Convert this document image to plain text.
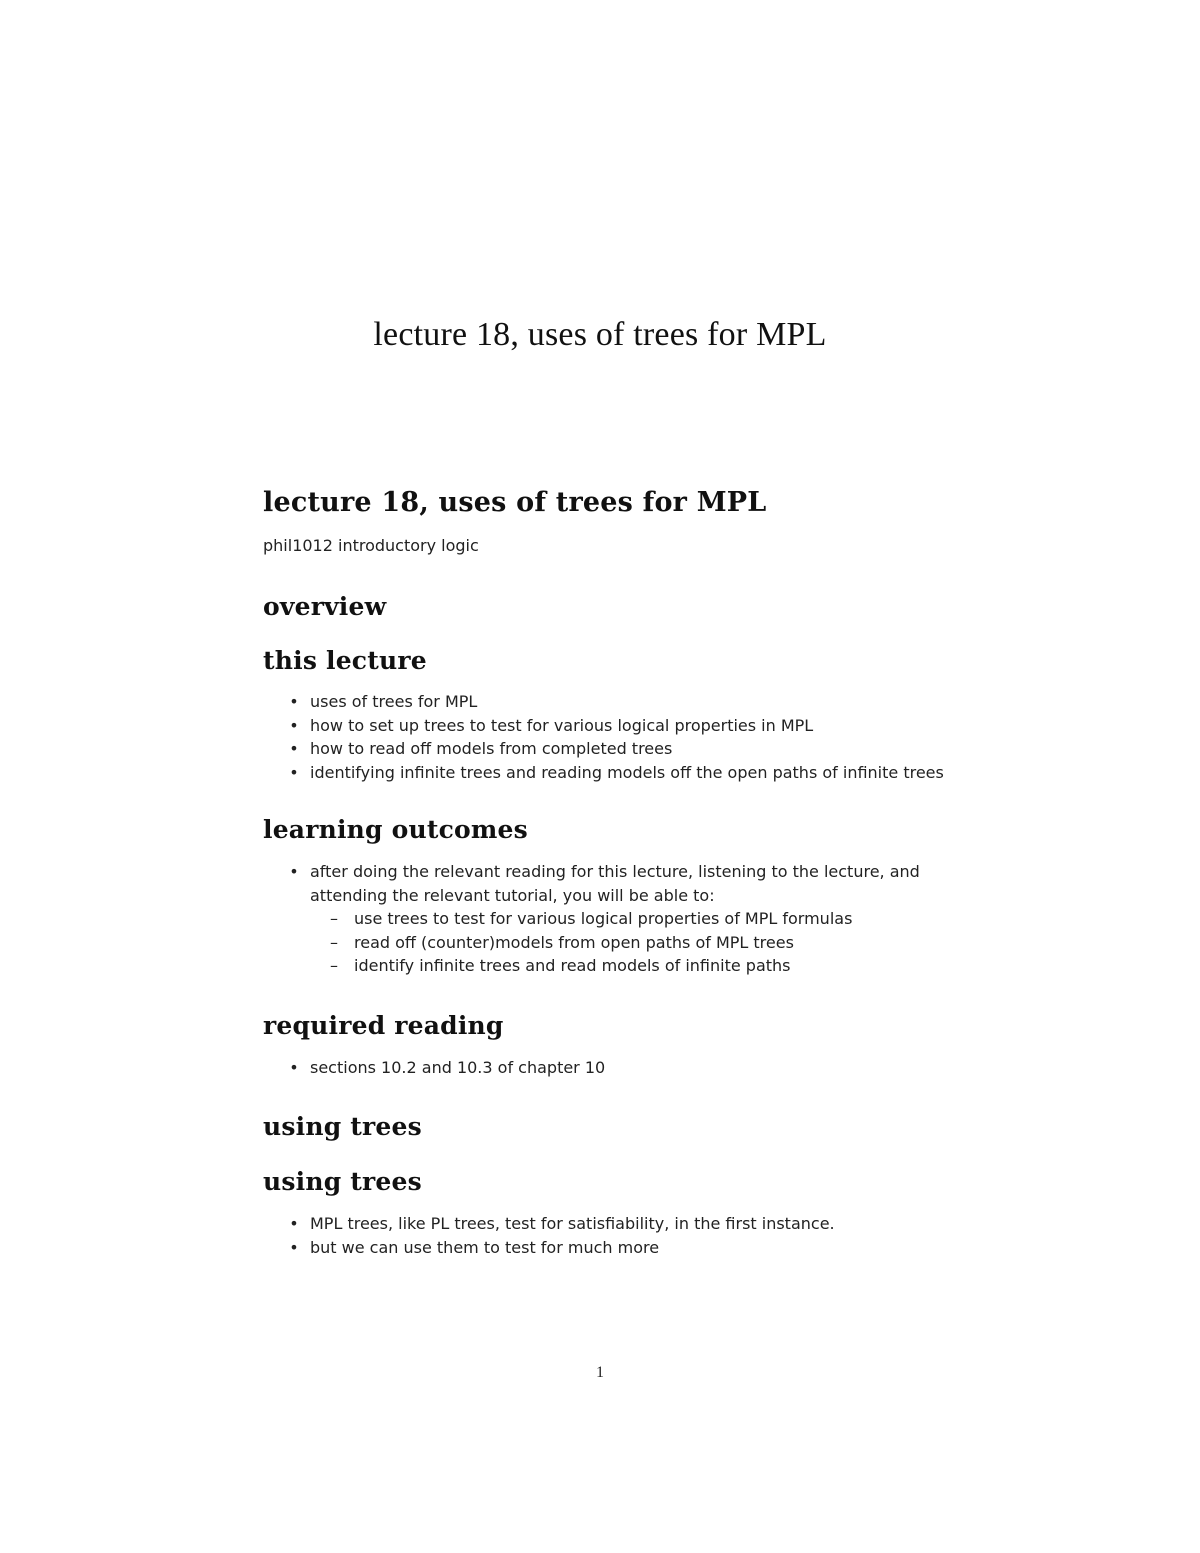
lecture 18, uses of trees for MPL
lecture 18, uses of trees for MPL

phil1012 introductory logic

overview
this lecture
• uses of trees for MPL
• how to set up trees to test for various logical properties in MPL
• how to read off models from completed trees
• identifying infinite trees and reading models off the open paths of infinite trees
learning outcomes
• after doing the relevant reading for this lecture, listening to the lecture, and attending the relevant tutorial, you will be able to:
– use trees to test for various logical properties of MPL formulas
– read off (counter)models from open paths of MPL trees
– identify infinite trees and read models of infinite paths
required reading
• sections 10.2 and 10.3 of chapter 10
using trees
using trees
• MPL trees, like PL trees, test for satisfiability, in the first instance.
• but we can use them to test for much more
1
